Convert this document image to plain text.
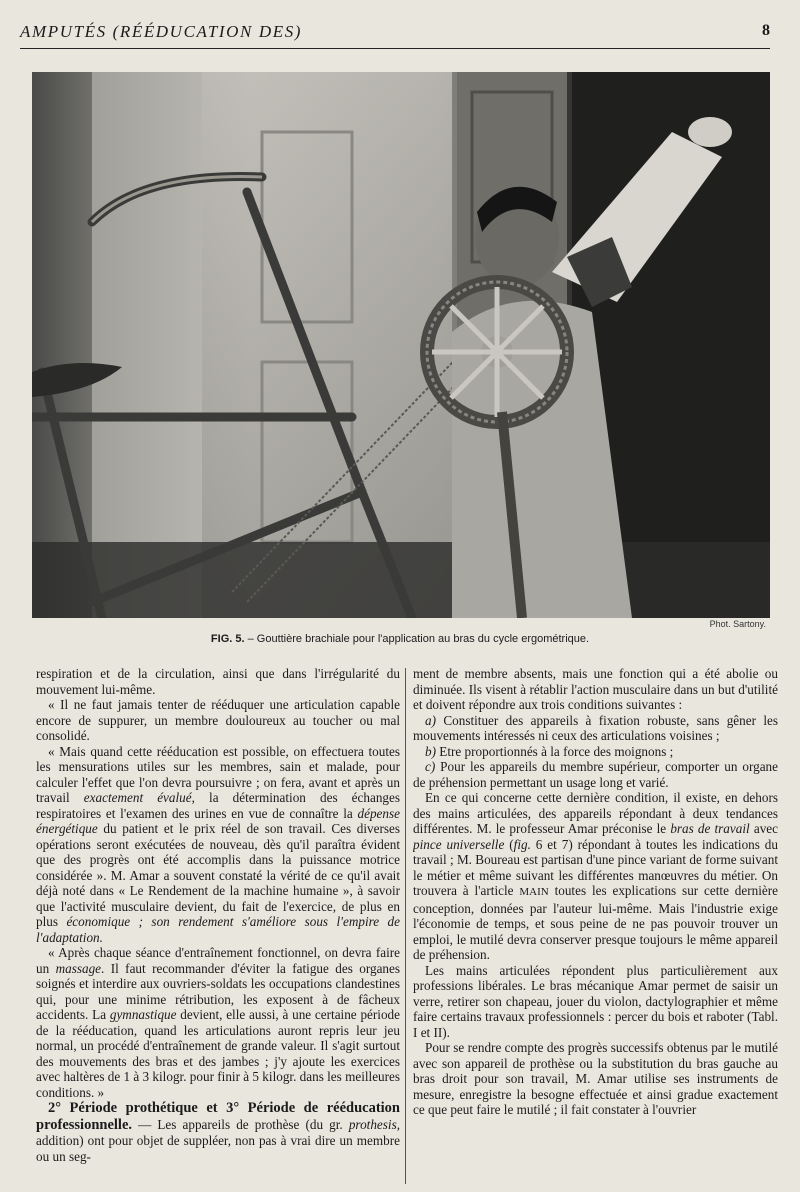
AMPUTÉS (RÉÉDUCATION DES)	8
Phot. Sartony.
FIG. 5. – Gouttière brachiale pour l'application au bras du cycle ergométrique.

respiration et de la circulation, ainsi que dans l'irrégularité du mouvement lui-même.

« Il ne faut jamais tenter de rééduquer une articulation capable encore de suppurer, un membre douloureux au toucher ou mal consolidé.

« Mais quand cette rééducation est possible, on effectuera toutes les mensurations utiles sur les membres, sain et malade, pour calculer l'effet que l'on devra poursuivre ; on fera, avant et après un travail exactement évalué, la détermination des échanges respiratoires et l'examen des urines en vue de connaître la dépense énergétique du patient et le prix réel de son travail. Ces diverses opérations seront exécutées de nouveau, dès qu'il paraîtra évident que des progrès ont été accomplis dans la puissance motrice considérée ». M. Amar a souvent constaté la vérité de ce qu'il avait déjà noté dans « Le Rendement de la machine humaine », à savoir que l'activité musculaire devient, du fait de l'exercice, de plus en plus économique ; son rendement s'améliore sous l'empire de l'adaptation.

« Après chaque séance d'entraînement fonctionnel, on devra faire un massage. Il faut recommander d'éviter la fatigue des organes soignés et interdire aux ouvriers-soldats les occupations clandestines qui, pour une minime rétribution, les exposent à de fâcheux accidents. La gymnastique devient, elle aussi, à une certaine période de la rééducation, quand les articulations auront repris leur jeu normal, un procédé d'entraînement de grande valeur. Il s'agit surtout des mouvements des bras et des jambes ; j'y ajoute les exercices avec haltères de 1 à 3 kilogr. pour finir à 5 kilogr. dans les meilleures conditions. »

2° Période prothétique et 3° Période de rééducation professionnelle. — Les appareils de prothèse (du gr. prothesis, addition) ont pour objet de suppléer, non pas à vrai dire un membre ou un seg-

ment de membre absents, mais une fonction qui a été abolie ou diminuée. Ils visent à rétablir l'action musculaire dans un but d'utilité et doivent répondre aux trois conditions suivantes :

a) Constituer des appareils à fixation robuste, sans gêner les mouvements intéressés ni ceux des articulations voisines ;

b) Etre proportionnés à la force des moignons ;

c) Pour les appareils du membre supérieur, comporter un organe de préhension permettant un usage long et varié.

En ce qui concerne cette dernière condition, il existe, en dehors des mains articulées, des appareils répondant à deux tendances différentes. M. le professeur Amar préconise le bras de travail avec pince universelle (fig. 6 et 7) répondant à toutes les indications du travail ; M. Boureau est partisan d'une pince variant de forme suivant le métier et même suivant les différentes manœuvres du métier. On trouvera à l'article MAIN toutes les explications sur cette dernière conception, données par l'auteur lui-même. Mais l'industrie exige l'économie de temps, et sous peine de ne pas pouvoir trouver un emploi, le mutilé devra conserver presque toujours le même appareil de préhension.

Les mains articulées répondent plus particulièrement aux professions libérales. Le bras mécanique Amar permet de saisir un verre, retirer son chapeau, jouer du violon, dactylographier et même faire certains travaux professionnels : percer du bois et raboter (Tabl. I et II).

Pour se rendre compte des progrès successifs obtenus par le mutilé avec son appareil de prothèse ou la substitution du bras gauche au bras droit pour son travail, M. Amar utilise ses instruments de mesure, enregistre la besogne effectuée et ainsi gradue exactement ce que peut faire le mutilé ; il fait constater à l'ouvrier
